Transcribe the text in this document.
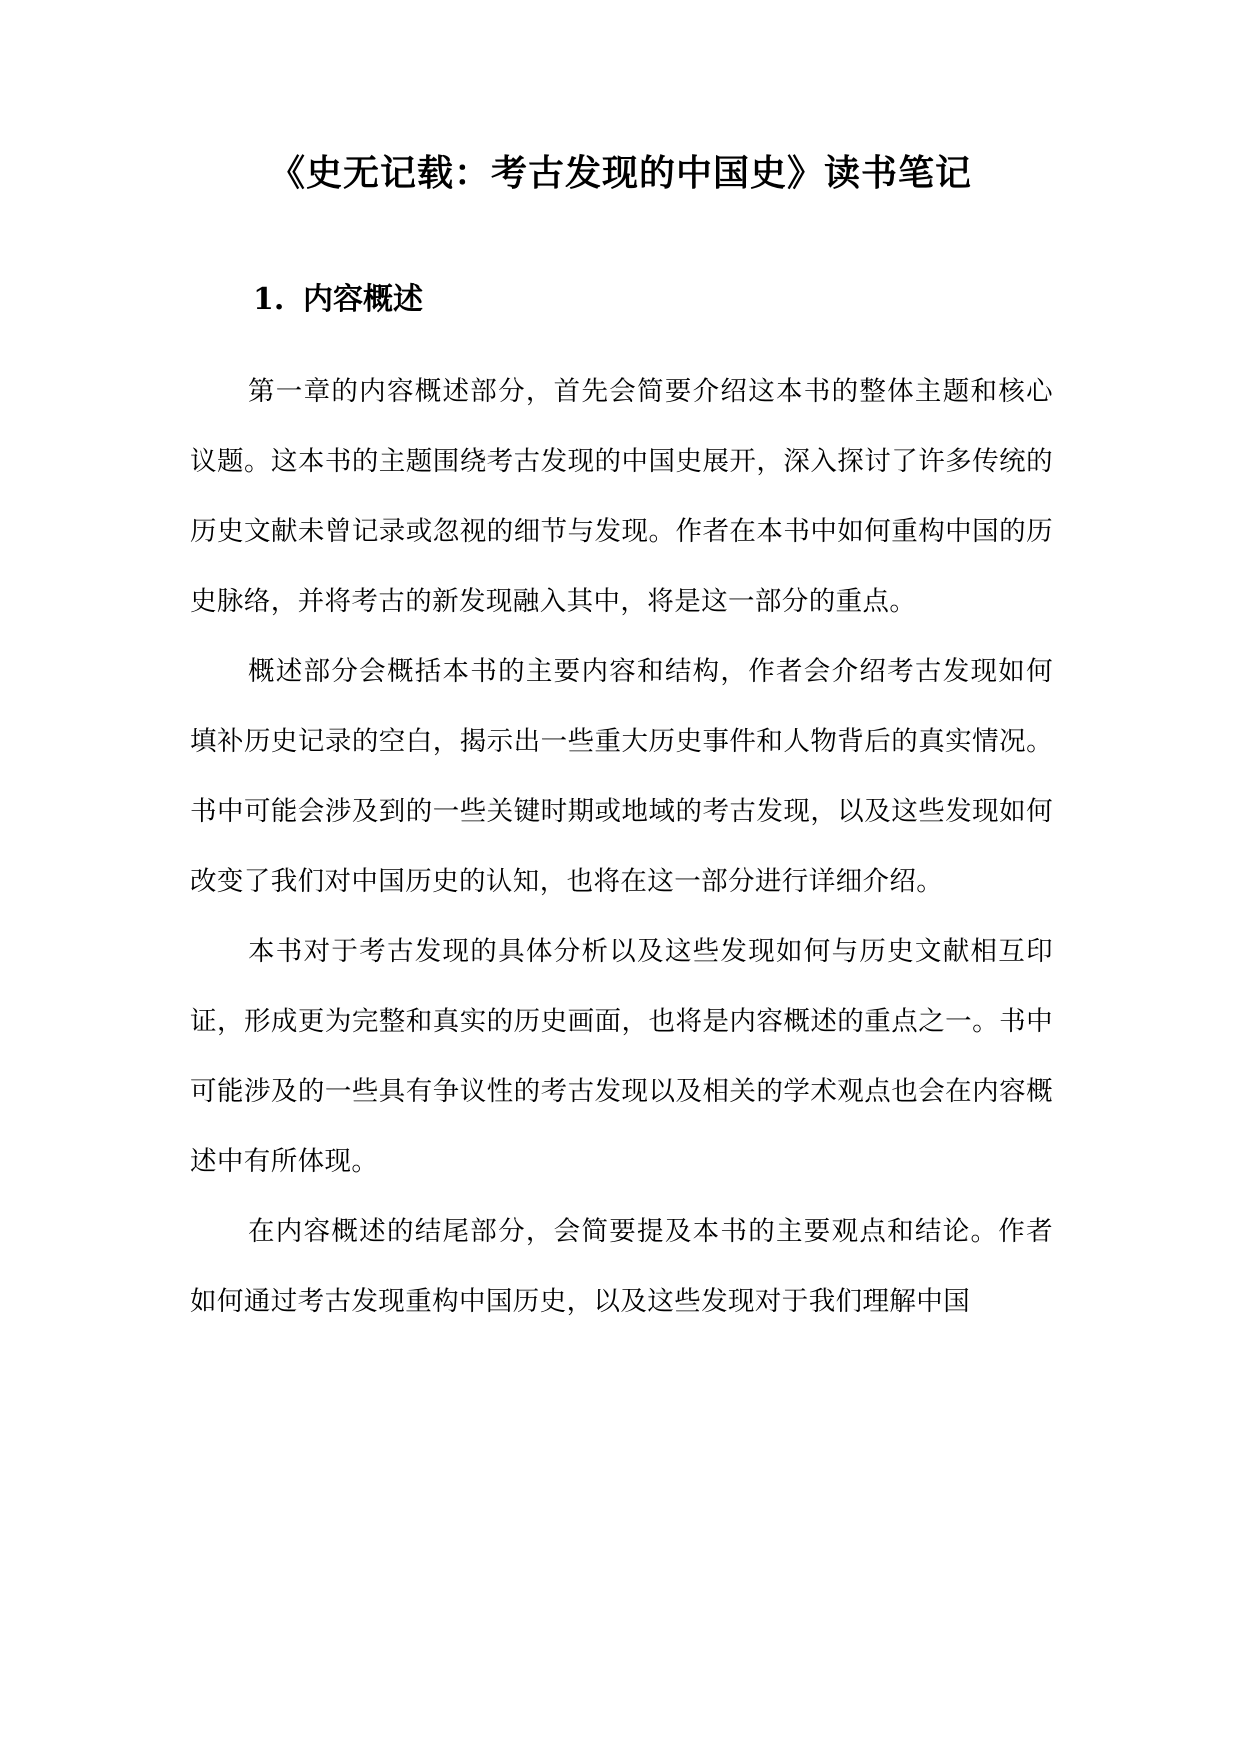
《史无记载：考古发现的中国史》读书笔记
1. 内容概述

第一章的内容概述部分，首先会简要介绍这本书的整体主题和核心议题。这本书的主题围绕考古发现的中国史展开，深入探讨了许多传统的历史文献未曾记录或忽视的细节与发现。作者在本书中如何重构中国的历史脉络，并将考古的新发现融入其中，将是这一部分的重点。

概述部分会概括本书的主要内容和结构，作者会介绍考古发现如何填补历史记录的空白，揭示出一些重大历史事件和人物背后的真实情况。书中可能会涉及到的一些关键时期或地域的考古发现，以及这些发现如何改变了我们对中国历史的认知，也将在这一部分进行详细介绍。

本书对于考古发现的具体分析以及这些发现如何与历史文献相互印证，形成更为完整和真实的历史画面，也将是内容概述的重点之一。书中可能涉及的一些具有争议性的考古发现以及相关的学术观点也会在内容概述中有所体现。

在内容概述的结尾部分，会简要提及本书的主要观点和结论。作者如何通过考古发现重构中国历史，以及这些发现对于我们理解中国
